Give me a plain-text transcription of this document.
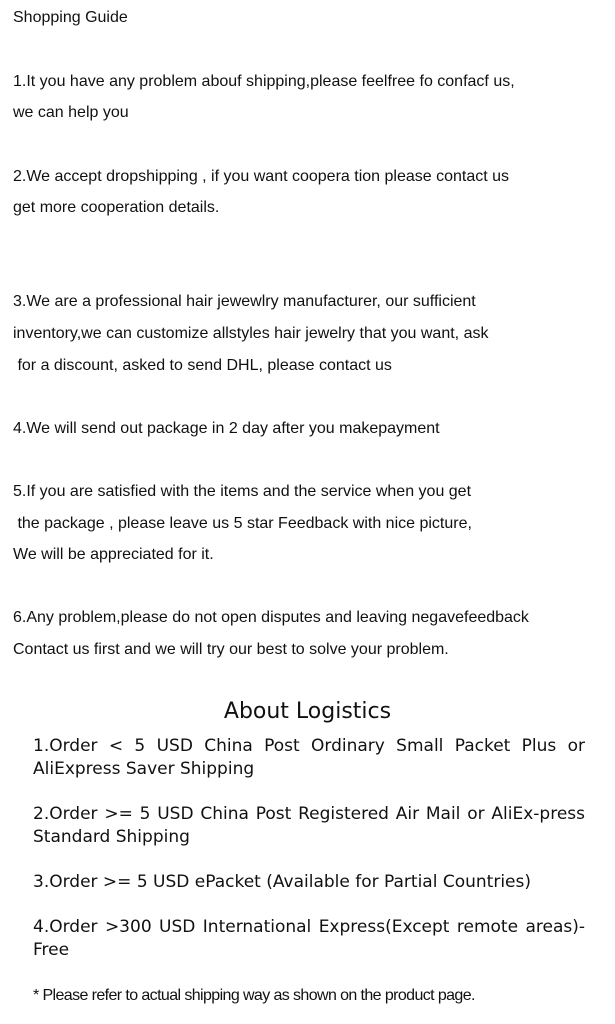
Shopping Guide
1.It you have any problem abouf shipping,please feelfree fo confacf us,
we can help you
2.We accept dropshipping , if you want coopera tion please contact us
get more cooperation details.
3.We are a professional hair jewewlry manufacturer, our sufficient
inventory,we can customize allstyles hair jewelry that you want, ask
for a discount, asked to send DHL, please contact us
4.We will send out package in 2 day after you makepayment
5.If you are satisfied with the items and the service when you get
the package , please leave us 5 star Feedback with nice picture,
We will be appreciated for it.
6.Any problem,please do not open disputes and leaving negavefeedback
Contact us first and we will try our best to solve your problem.
About Logistics
1.Order < 5 USD China Post Ordinary Small Packet Plus or AliExpress Saver Shipping
2.Order >= 5 USD China Post Registered Air Mail or AliEx-press Standard Shipping
3.Order >= 5 USD ePacket (Available for Partial Countries)
4.Order >300 USD International Express(Except remote areas)- Free
* Please refer to actual shipping way as shown on the product page.
